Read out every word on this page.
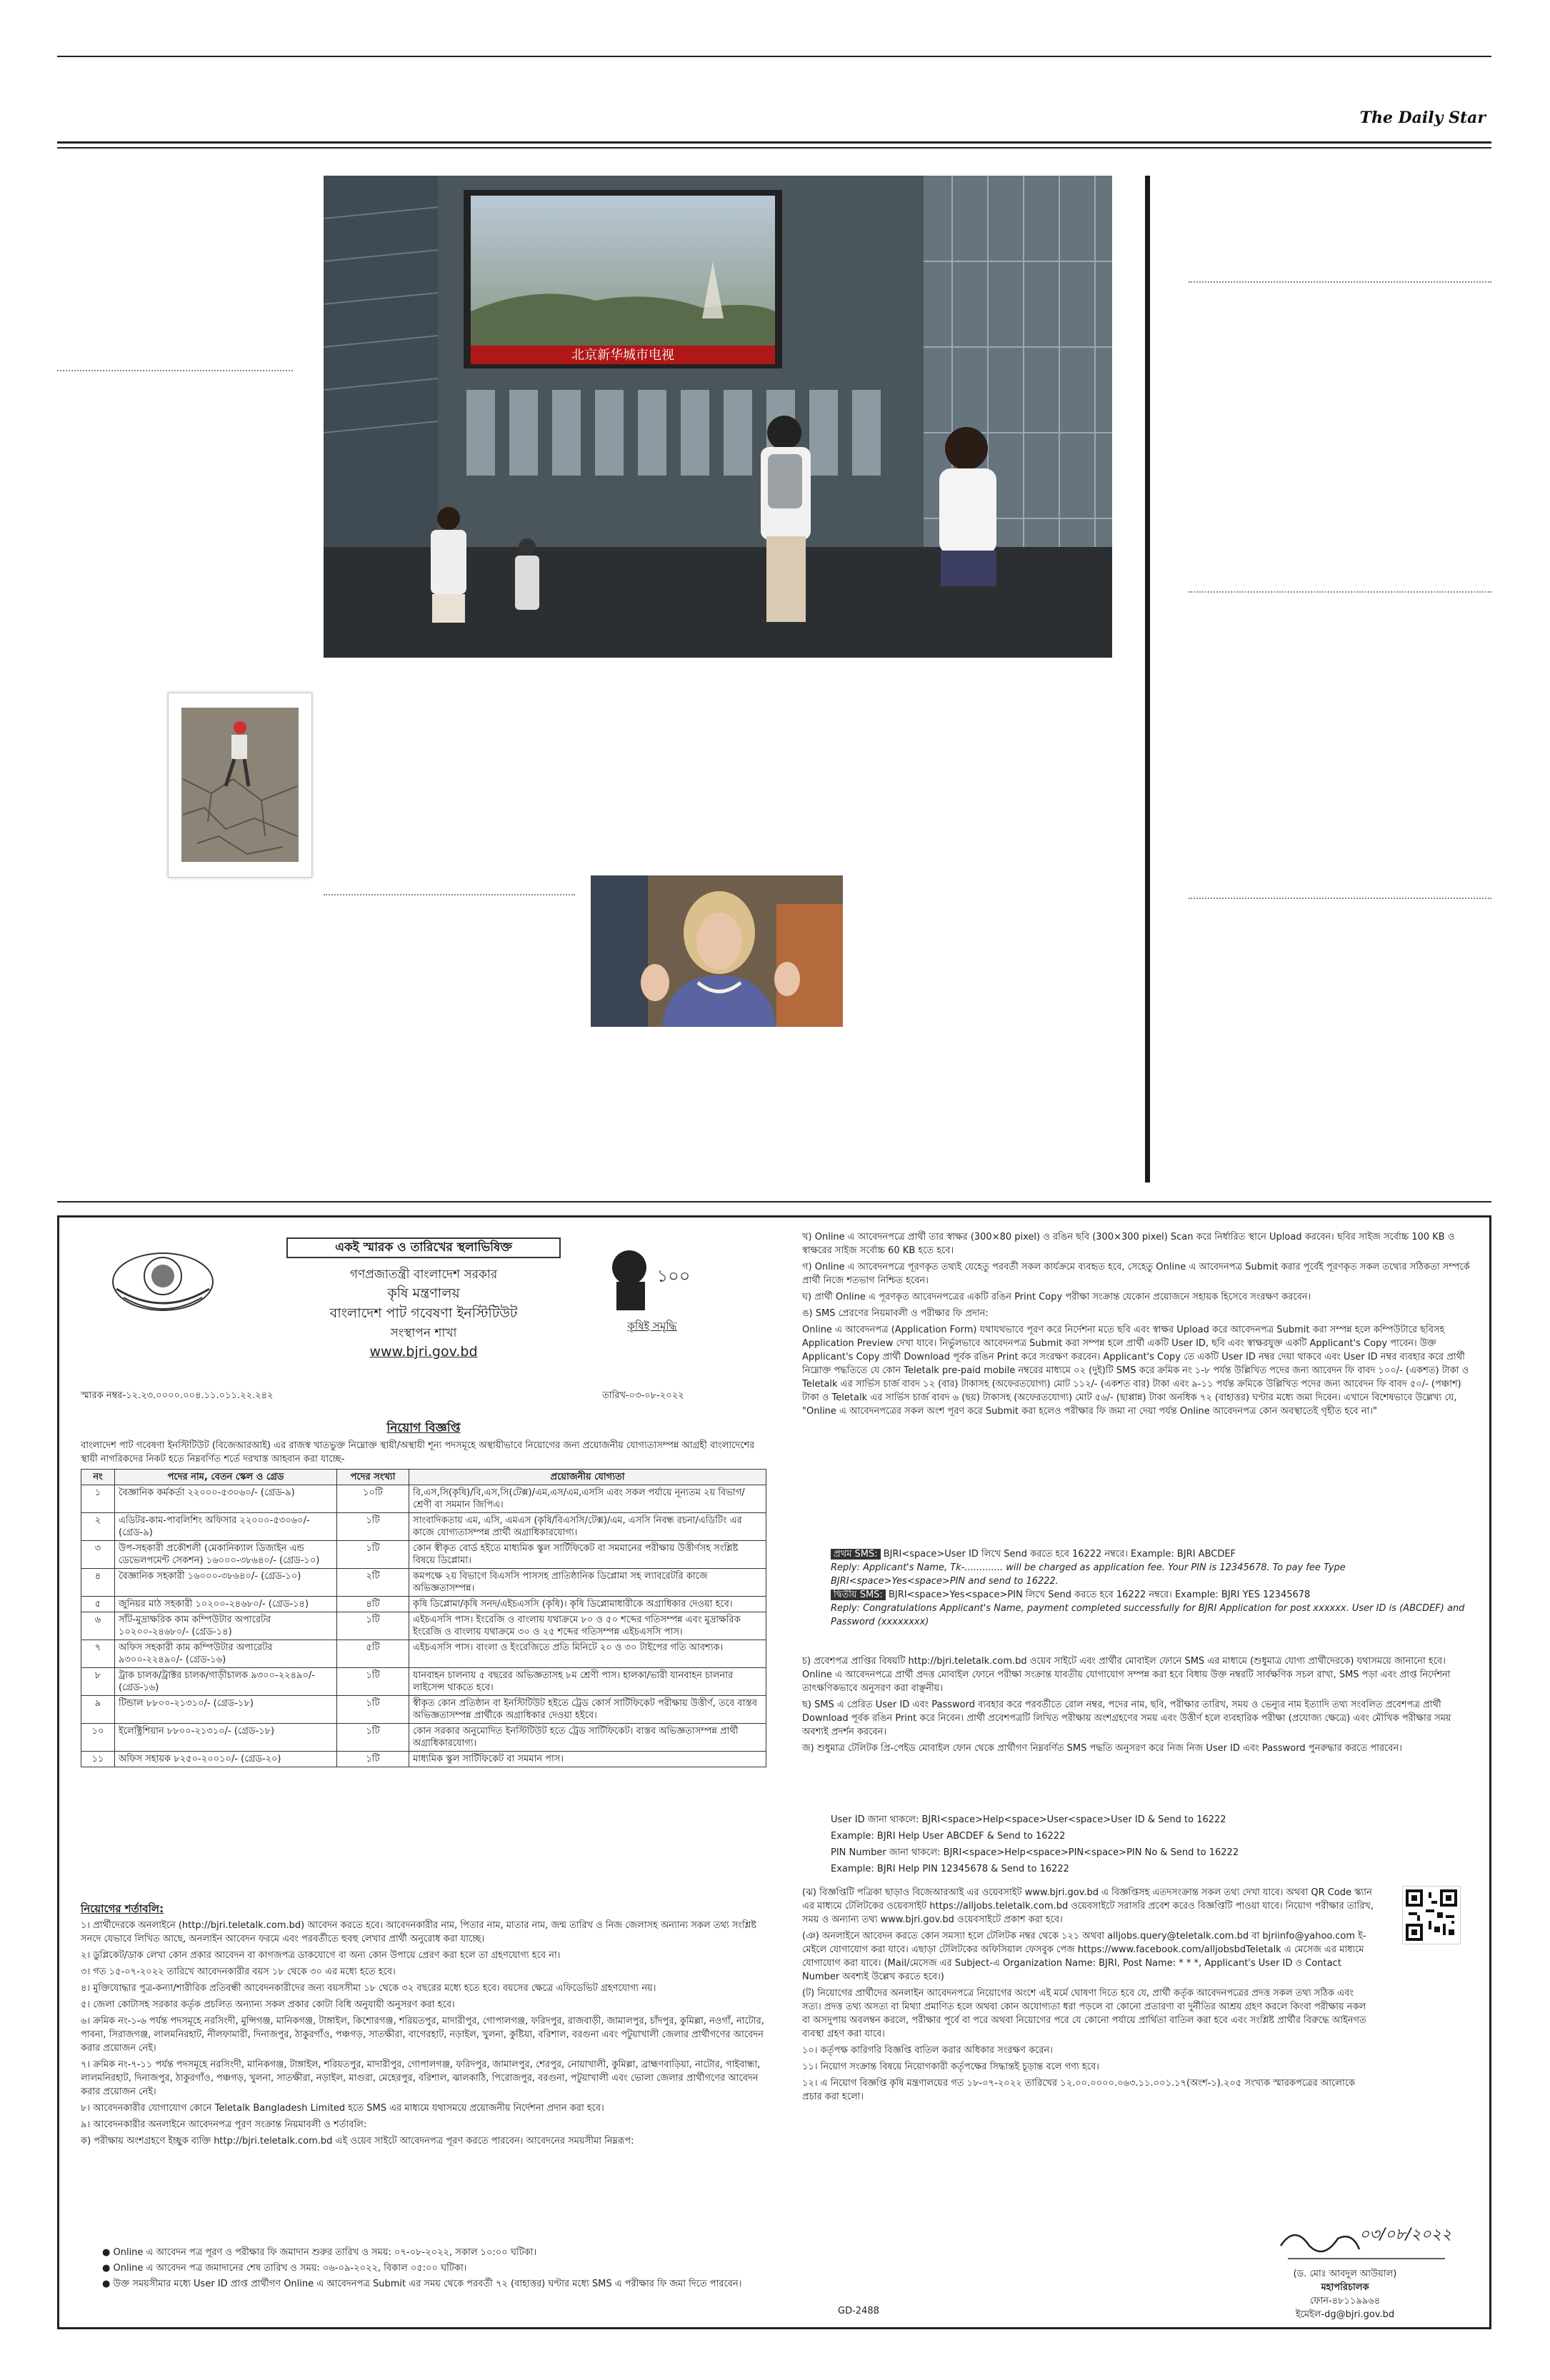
The Daily Star
北京新华城市电视
একই স্মারক ও তারিখের স্থলাভিষিক্ত
গণপ্রজাতন্ত্রী বাংলাদেশ সরকার
কৃষি মন্ত্রণালয়
বাংলাদেশ পাট গবেষণা ইনস্টিটিউট
সংস্থাপন শাখা
www.bjri.gov.bd
১০০
কৃষিই সমৃদ্ধি
স্মারক নম্বর-১২.২৩.০০০০.০০৪.১১.০১১.২২.২৪২	তারিখ-০৩-০৮-২০২২
নিয়োগ বিজ্ঞপ্তি
বাংলাদেশ পাট গবেষণা ইনস্টিটিউট (বিজেআরআই) এর রাজস্ব খাতভুক্ত নিম্নোক্ত স্থায়ী/অস্থায়ী শূন্য পদসমূহে অস্থায়ীভাবে নিয়োগের জন্য প্রয়োজনীয় যোগ্যতাসম্পন্ন আগ্রহী বাংলাদেশের স্থায়ী নাগরিকদের নিকট হতে নিম্নবর্ণিত শর্তে দরখাস্ত আহবান করা যাচ্ছে-
নং	পদের নাম, বেতন স্কেল ও গ্রেড	পদের সংখ্যা	প্রয়োজনীয় যোগ্যতা
১	বৈজ্ঞানিক কর্মকর্তা ২২০০০-৫৩০৬০/- (গ্রেড-৯)	১০টি	বি,এস,সি(কৃষি)/বি,এস,সি(টেক্স)/এম,এস/এম,এসসি এবং সকল পর্যায়ে নূন্যতম ২য় বিভাগ/শ্রেণী বা সমমান জিপিএ।
২	এডিটর-কাম-পাবলিশিং অফিসার ২২০০০-৫৩০৬০/- (গ্রেড-৯)	১টি	সাংবাদিকতায় এম, এসি, এমএস (কৃষি/বিএসসি/টেক্স)/এম, এসসি নিবন্ধ রচনা/এডিটিং এর কাজে যোগ্যতাসম্পন্ন প্রার্থী অগ্রাধিকারযোগ্য।
৩	উপ-সহকারী প্রকৌশলী (মেকানিক্যাল ডিজাইন এন্ড ডেভেলপমেন্ট সেকশন) ১৬০০০-৩৮৬৪০/- (গ্রেড-১০)	১টি	কোন স্বীকৃত বোর্ড হইতে মাধ্যমিক স্কুল সার্টিফিকেট বা সমমানের পরীক্ষায় উত্তীর্ণসহ সংশ্লিষ্ট বিষয়ে ডিপ্লোমা।
৪	বৈজ্ঞানিক সহকারী ১৬০০০-৩৮৬৪০/- (গ্রেড-১০)	২টি	কমপক্ষে ২য় বিভাগে বিএসসি পাসসহ প্রাতিষ্ঠানিক ডিপ্লোমা সহ ল্যাবরেটরি কাজে অভিজ্ঞতাসম্পন্ন।
৫	জুনিয়র মাঠ সহকারী ১০২০০-২৪৬৮০/- (গ্রেড-১৪)	৪টি	কৃষি ডিপ্লোমা/কৃষি সনদ/এইচএসসি (কৃষি)। কৃষি ডিপ্লোমাধারীকে অগ্রাধিকার দেওয়া হবে।
৬	সাঁট-মুদ্রাক্ষরিক কাম কম্পিউটার অপারেটর ১০২০০-২৪৬৮০/- (গ্রেড-১৪)	১টি	এইচএসসি পাস। ইংরেজি ও বাংলায় যথাক্রমে ৮০ ও ৫০ শব্দের গতিসম্পন্ন এবং মুদ্রাক্ষরিক ইংরেজি ও বাংলায় যথাক্রমে ৩০ ও ২৫ শব্দের গতিসম্পন্ন এইচএসসি পাস।
৭	অফিস সহকারী কাম কম্পিউটার অপারেটর ৯৩০০-২২৪৯০/- (গ্রেড-১৬)	৫টি	এইচএসসি পাস। বাংলা ও ইংরেজিতে প্রতি মিনিটে ২০ ও ৩০ টাইপের গতি আবশ্যক।
৮	ট্রাক চালক/ট্রাক্টর চালক/গাড়ীচালক ৯৩০০-২২৪৯০/- (গ্রেড-১৬)	১টি	যানবাহন চালনায় ৫ বছরের অভিজ্ঞতাসহ ৮ম শ্রেণী পাস। হালকা/ভারী যানবাহন চালনার লাইসেন্স থাকতে হবে।
৯	টিন্ডাল ৮৮০০-২১৩১০/- (গ্রেড-১৮)	১টি	স্বীকৃত কোন প্রতিষ্ঠান বা ইনস্টিটিউট হইতে ট্রেড কোর্স সার্টিফিকেট পরীক্ষায় উত্তীর্ণ, তবে বাস্তব অভিজ্ঞতাসম্পন্ন প্রার্থীকে অগ্রাধিকার দেওয়া হইবে।
১০	ইলেক্ট্রিশিয়ান ৮৮০০-২১৩১০/- (গ্রেড-১৮)	১টি	কোন সরকার অনুমোদিত ইনস্টিটিউট হতে ট্রেড সার্টিফিকেট। বাস্তব অভিজ্ঞতাসম্পন্ন প্রার্থী অগ্রাধিকারযোগ্য।
১১	অফিস সহায়ক ৮২৫০-২০০১০/- (গ্রেড-২০)	১টি	মাধ্যমিক স্কুল সার্টিফিকেট বা সমমান পাস।
নিয়োগের শর্তাবলি:
১। প্রার্থীদেরকে অনলাইনে (http://bjri.teletalk.com.bd) আবেদন করতে হবে। আবেদনকারীর নাম, পিতার নাম, মাতার নাম, জন্ম তারিখ ও নিজ জেলাসহ অন্যান্য সকল তথ্য সংশ্লিষ্ট সনদে যেভাবে লিখিত আছে, অনলাইন আবেদন ফরমে এবং পরবর্তীতে হুবহু লেখার প্রার্থী অনুরোধ করা যাচ্ছে।
২। ডুপ্লিকেট/ডাক লেখা কোন প্রকার আবেদন বা কাগজপত্র ডাকযোগে বা অন্য কোন উপায়ে প্রেরণ করা হলে তা গ্রহণযোগ্য হবে না।
৩। গত ১৫-০৭-২০২২ তারিখে আবেদনকারীর বয়স ১৮ থেকে ৩০ এর মধ্যে হতে হবে।
৪। মুক্তিযোদ্ধার পুত্র-কন্যা/শারীরিক প্রতিবন্ধী আবেদনকারীদের জন্য বয়সসীমা ১৮ থেকে ৩২ বছরের মধ্যে হতে হবে। বয়সের ক্ষেত্রে এফিডেভিট গ্রহণযোগ্য নয়।
৫। জেলা কোটাসহ সরকার কর্তৃক প্রচলিত অন্যান্য সকল প্রকার কোটা বিধি অনুযায়ী অনুসরণ করা হবে।
৬। ক্রমিক নং-১-৬ পর্যন্ত পদসমূহে নরসিংদী, মুন্সিগঞ্জ, মানিকগঞ্জ, টাঙ্গাইল, কিশোরগঞ্জ, শরিয়তপুর, মাদারীপুর, গোপালগঞ্জ, ফরিদপুর, রাজবাড়ী, জামালপুর, চাঁদপুর, কুমিল্লা, নওগাঁ, নাটোর, পাবনা, সিরাজগঞ্জ, লালমনিরহাট, নীলফামারী, দিনাজপুর, ঠাকুরগাঁও, পঞ্চগড়, সাতক্ষীরা, বাগেরহাট, নড়াইল, খুলনা, কুষ্টিয়া, বরিশাল, বরগুনা এবং পটুয়াখালী জেলার প্রার্থীগণের আবেদন করার প্রয়োজন নেই।
৭। ক্রমিক নং-৭-১১ পর্যন্ত পদসমূহে নরসিংদী, মানিকগঞ্জ, টাঙ্গাইল, শরিয়তপুর, মাদারীপুর, গোপালগঞ্জ, ফরিদপুর, জামালপুর, শেরপুর, নোয়াখালী, কুমিল্লা, ব্রাহ্মণবাড়িয়া, নাটোর, গাইবান্ধা, লালমনিরহাট, দিনাজপুর, ঠাকুরগাঁও, পঞ্চগড়, খুলনা, সাতক্ষীরা, নড়াইল, মাগুরা, মেহেরপুর, বরিশাল, ঝালকাঠি, পিরোজপুর, বরগুনা, পটুয়াখালী এবং ভোলা জেলার প্রার্থীগণের আবেদন করার প্রয়োজন নেই।
৮। আবেদনকারীর যোগাযোগ কোনে Teletalk Bangladesh Limited হতে SMS এর মাধ্যমে যথাসময়ে প্রয়োজনীয় নির্দেশনা প্রদান করা হবে।
৯। আবেদনকারীর অনলাইনে আবেদনপত্র পূরণ সংক্রান্ত নিয়মাবলী ও শর্তাবলি:
ক) পরীক্ষায় অংশগ্রহণে ইচ্ছুক ব্যক্তি http://bjri.teletalk.com.bd এই ওয়েব সাইটে আবেদনপত্র পূরণ করতে পারবেন। আবেদনের সময়সীমা নিম্নরূপ:
● Online এ আবেদন পত্র পূরণ ও পরীক্ষার ফি জমাদান শুরুর তারিখ ও সময়: ০৭-০৮-২০২২, সকাল ১০:০০ ঘটিকা।
● Online এ আবেদন পত্র জমাদানের শেষ তারিখ ও সময়: ০৬-০৯-২০২২, বিকাল ০৫:০০ ঘটিকা।
● উক্ত সময়সীমার মধ্যে User ID প্রাপ্ত প্রার্থীগণ Online এ আবেদনপত্র Submit এর সময় থেকে পরবর্তী ৭২ (বাহাত্তর) ঘণ্টার মধ্যে SMS এ পরীক্ষার ফি জমা দিতে পারবেন।
খ) Online এ আবেদনপত্রে প্রার্থী তার স্বাক্ষর (300×80 pixel) ও রঙিন ছবি (300×300 pixel) Scan করে নির্ধারিত স্থানে Upload করবেন। ছবির সাইজ সর্বোচ্চ 100 KB ও স্বাক্ষরের সাইজ সর্বোচ্চ 60 KB হতে হবে।
গ) Online এ আবেদনপত্রে পূরণকৃত তথ্যই যেহেতু পরবর্তী সকল কার্যক্রমে ব্যবহৃত হবে, সেহেতু Online এ আবেদনপত্র Submit করার পূর্বেই পূরণকৃত সকল তথ্যের সঠিকতা সম্পর্কে প্রার্থী নিজে শতভাগ নিশ্চিত হবেন।
ঘ) প্রার্থী Online এ পূরণকৃত আবেদনপত্রের একটি রঙিন Print Copy পরীক্ষা সংক্রান্ত যেকোন প্রয়োজনে সহায়ক হিসেবে সংরক্ষণ করবেন।
ঙ) SMS প্রেরণের নিয়মাবলী ও পরীক্ষার ফি প্রদান:
Online এ আবেদনপত্র (Application Form) যথাযথভাবে পূরণ করে নির্দেশনা মতে ছবি এবং স্বাক্ষর Upload করে আবেদনপত্র Submit করা সম্পন্ন হলে কম্পিউটারে ছবিসহ Application Preview দেখা যাবে। নির্ভুলভাবে আবেদনপত্র Submit করা সম্পন্ন হলে প্রার্থী একটি User ID, ছবি এবং স্বাক্ষরযুক্ত একটি Applicant's Copy পাবেন। উক্ত Applicant's Copy প্রার্থী Download পূর্বক রঙিন Print করে সংরক্ষণ করবেন। Applicant's Copy তে একটি User ID নম্বর দেয়া থাকবে এবং User ID নম্বর ব্যবহার করে প্রার্থী নিম্নোক্ত পদ্ধতিতে যে কোন Teletalk pre-paid mobile নম্বরের মাধ্যমে ০২ (দুই)টি SMS করে ক্রমিক নং ১-৮ পর্যন্ত উল্লিখিত পদের জন্য আবেদন ফি বাবদ ১০০/- (একশত) টাকা ও Teletalk এর সার্ভিস চার্জ বাবদ ১২ (বার) টাকাসহ (অফেরতযোগ্য) মোট ১১২/- (একশত বার) টাকা এবং ৯-১১ পর্যন্ত ক্রমিকে উল্লিখিত পদের জন্য আবেদন ফি বাবদ ৫০/- (পঞ্চাশ) টাকা ও Teletalk এর সার্ভিস চার্জ বাবদ ৬ (ছয়) টাকাসহ (অফেরতযোগ্য) মোট ৫৬/- (ছাপ্পান্ন) টাকা অনধিক ৭২ (বাহাত্তর) ঘণ্টার মধ্যে জমা দিবেন। এখানে বিশেষভাবে উল্লেখ্য যে, "Online এ আবেদনপত্রের সকল অংশ পূরণ করে Submit করা হলেও পরীক্ষার ফি জমা না দেয়া পর্যন্ত Online আবেদনপত্র কোন অবস্থাতেই গৃহীত হবে না।"
প্রথম SMS: BJRI<space>User ID লিখে Send করতে হবে 16222 নম্বরে। Example: BJRI ABCDEF
Reply: Applicant's Name, Tk-............. will be charged as application fee. Your PIN is 12345678. To pay fee Type BJRI<space>Yes<space>PIN and send to 16222.
দ্বিতীয় SMS: BJRI<space>Yes<space>PIN লিখে Send করতে হবে 16222 নম্বরে। Example: BJRI YES 12345678
Reply: Congratulations Applicant's Name, payment completed successfully for BJRI Application for post xxxxxx. User ID is (ABCDEF) and Password (xxxxxxxx)
চ) প্রবেশপত্র প্রাপ্তির বিষয়টি http://bjri.teletalk.com.bd ওয়েব সাইটে এবং প্রার্থীর মোবাইল ফোনে SMS এর মাধ্যমে (শুধুমাত্র যোগ্য প্রার্থীদেরকে) যথাসময়ে জানানো হবে। Online এ আবেদনপত্রে প্রার্থী প্রদত্ত মোবাইল ফোনে পরীক্ষা সংক্রান্ত যাবতীয় যোগাযোগ সম্পন্ন করা হবে বিধায় উক্ত নম্বরটি সার্বক্ষণিক সচল রাখা, SMS পড়া এবং প্রাপ্ত নির্দেশনা তাৎক্ষণিকভাবে অনুসরণ করা বাঞ্ছনীয়।
ছ) SMS এ প্রেরিত User ID এবং Password ব্যবহার করে পরবর্তীতে রোল নম্বর, পদের নাম, ছবি, পরীক্ষার তারিখ, সময় ও ভেন্যুর নাম ইত্যাদি তথ্য সংবলিত প্রবেশপত্র প্রার্থী Download পূর্বক রঙিন Print করে নিবেন। প্রার্থী প্রবেশপত্রটি লিখিত পরীক্ষায় অংশগ্রহণের সময় এবং উত্তীর্ণ হলে ব্যবহারিক পরীক্ষা (প্রযোজ্য ক্ষেত্রে) এবং মৌখিক পরীক্ষার সময় অবশ্যই প্রদর্শন করবেন।
জ) শুধুমাত্র টেলিটক প্রি-পেইড মোবাইল ফোন থেকে প্রার্থীগণ নিম্নবর্ণিত SMS পদ্ধতি অনুসরণ করে নিজ নিজ User ID এবং Password পুনরুদ্ধার করতে পারবেন।
User ID জানা থাকলে: BJRI<space>Help<space>User<space>User ID & Send to 16222
Example: BJRI Help User ABCDEF & Send to 16222
PIN Number জানা থাকলে: BJRI<space>Help<space>PIN<space>PIN No & Send to 16222
Example: BJRI Help PIN 12345678 & Send to 16222
(ঝ) বিজ্ঞপ্তিটি পত্রিকা ছাড়াও বিজেআরআই এর ওয়েবসাইট www.bjri.gov.bd এ বিজ্ঞপ্তিসহ এতদসংক্রান্ত সকল তথ্য দেখা যাবে। অথবা QR Code স্ক্যান এর মাধ্যমে টেলিটকের ওয়েবসাইট https://alljobs.teletalk.com.bd ওয়েবসাইটে সরাসরি প্রবেশ করেও বিজ্ঞপ্তিটি পাওয়া যাবে। নিয়োগ পরীক্ষার তারিখ, সময় ও অন্যান্য তথ্য www.bjri.gov.bd ওয়েবসাইটে প্রকাশ করা হবে।
(ঞ) অনলাইনে আবেদন করতে কোন সমস্যা হলে টেলিটক নম্বর থেকে ১২১ অথবা alljobs.query@teletalk.com.bd বা bjriinfo@yahoo.com ই-মেইলে যোগাযোগ করা যাবে। এছাড়া টেলিটকের অফিসিয়াল ফেসবুক পেজ https://www.facebook.com/alljobsbdTeletalk এ মেসেজ এর মাধ্যমে যোগাযোগ করা যাবে। (Mail/মেসেজ এর Subject-এ Organization Name: BJRI, Post Name: * * *, Applicant's User ID ও Contact Number অবশ্যই উল্লেখ করতে হবে।)
(ট) নিয়োগের প্রার্থীদের অনলাইন আবেদনপত্রে নিয়োগের অংশে এই মর্মে ঘোষণা দিতে হবে যে, প্রার্থী কর্তৃক আবেদনপত্রের প্রদত্ত সকল তথ্য সঠিক এবং সত্য। প্রদত্ত তথ্য অসত্য বা মিথ্যা প্রমাণিত হলে অথবা কোন অযোগ্যতা ধরা পড়লে বা কোনো প্রতারণা বা দুর্নীতির আশ্রয় গ্রহণ করলে কিংবা পরীক্ষায় নকল বা অসদুপায় অবলম্বন করলে, পরীক্ষার পূর্বে বা পরে অথবা নিয়োগের পরে যে কোনো পর্যায়ে প্রার্থিতা বাতিল করা হবে এবং সংশ্লিষ্ট প্রার্থীর বিরুদ্ধে আইনগত ব্যবস্থা গ্রহণ করা যাবে।
১০। কর্তৃপক্ষ কারিগরি বিজ্ঞপ্তি বাতিল করার অধিকার সংরক্ষণ করেন।
১১। নিয়োগ সংক্রান্ত বিষয়ে নিয়োগকারী কর্তৃপক্ষের সিদ্ধান্তই চূড়ান্ত বলে গণ্য হবে।
১২। এ নিয়োগ বিজ্ঞপ্তি কৃষি মন্ত্রণালয়ের গত ১৮-০৭-২০২২ তারিখের ১২.০০.০০০০.০৬৩.১১.০০১.১৭(অংশ-১).২০৫ সংখ্যক স্মারকপত্রের আলোকে প্রচার করা হলো।
০৩/০৮/২০২২
(ড. মোঃ আবদুল আউয়াল)
মহাপরিচালক
ফোন-৪৮১১৯৯৬৪
ইমেইল-dg@bjri.gov.bd
GD-2488
